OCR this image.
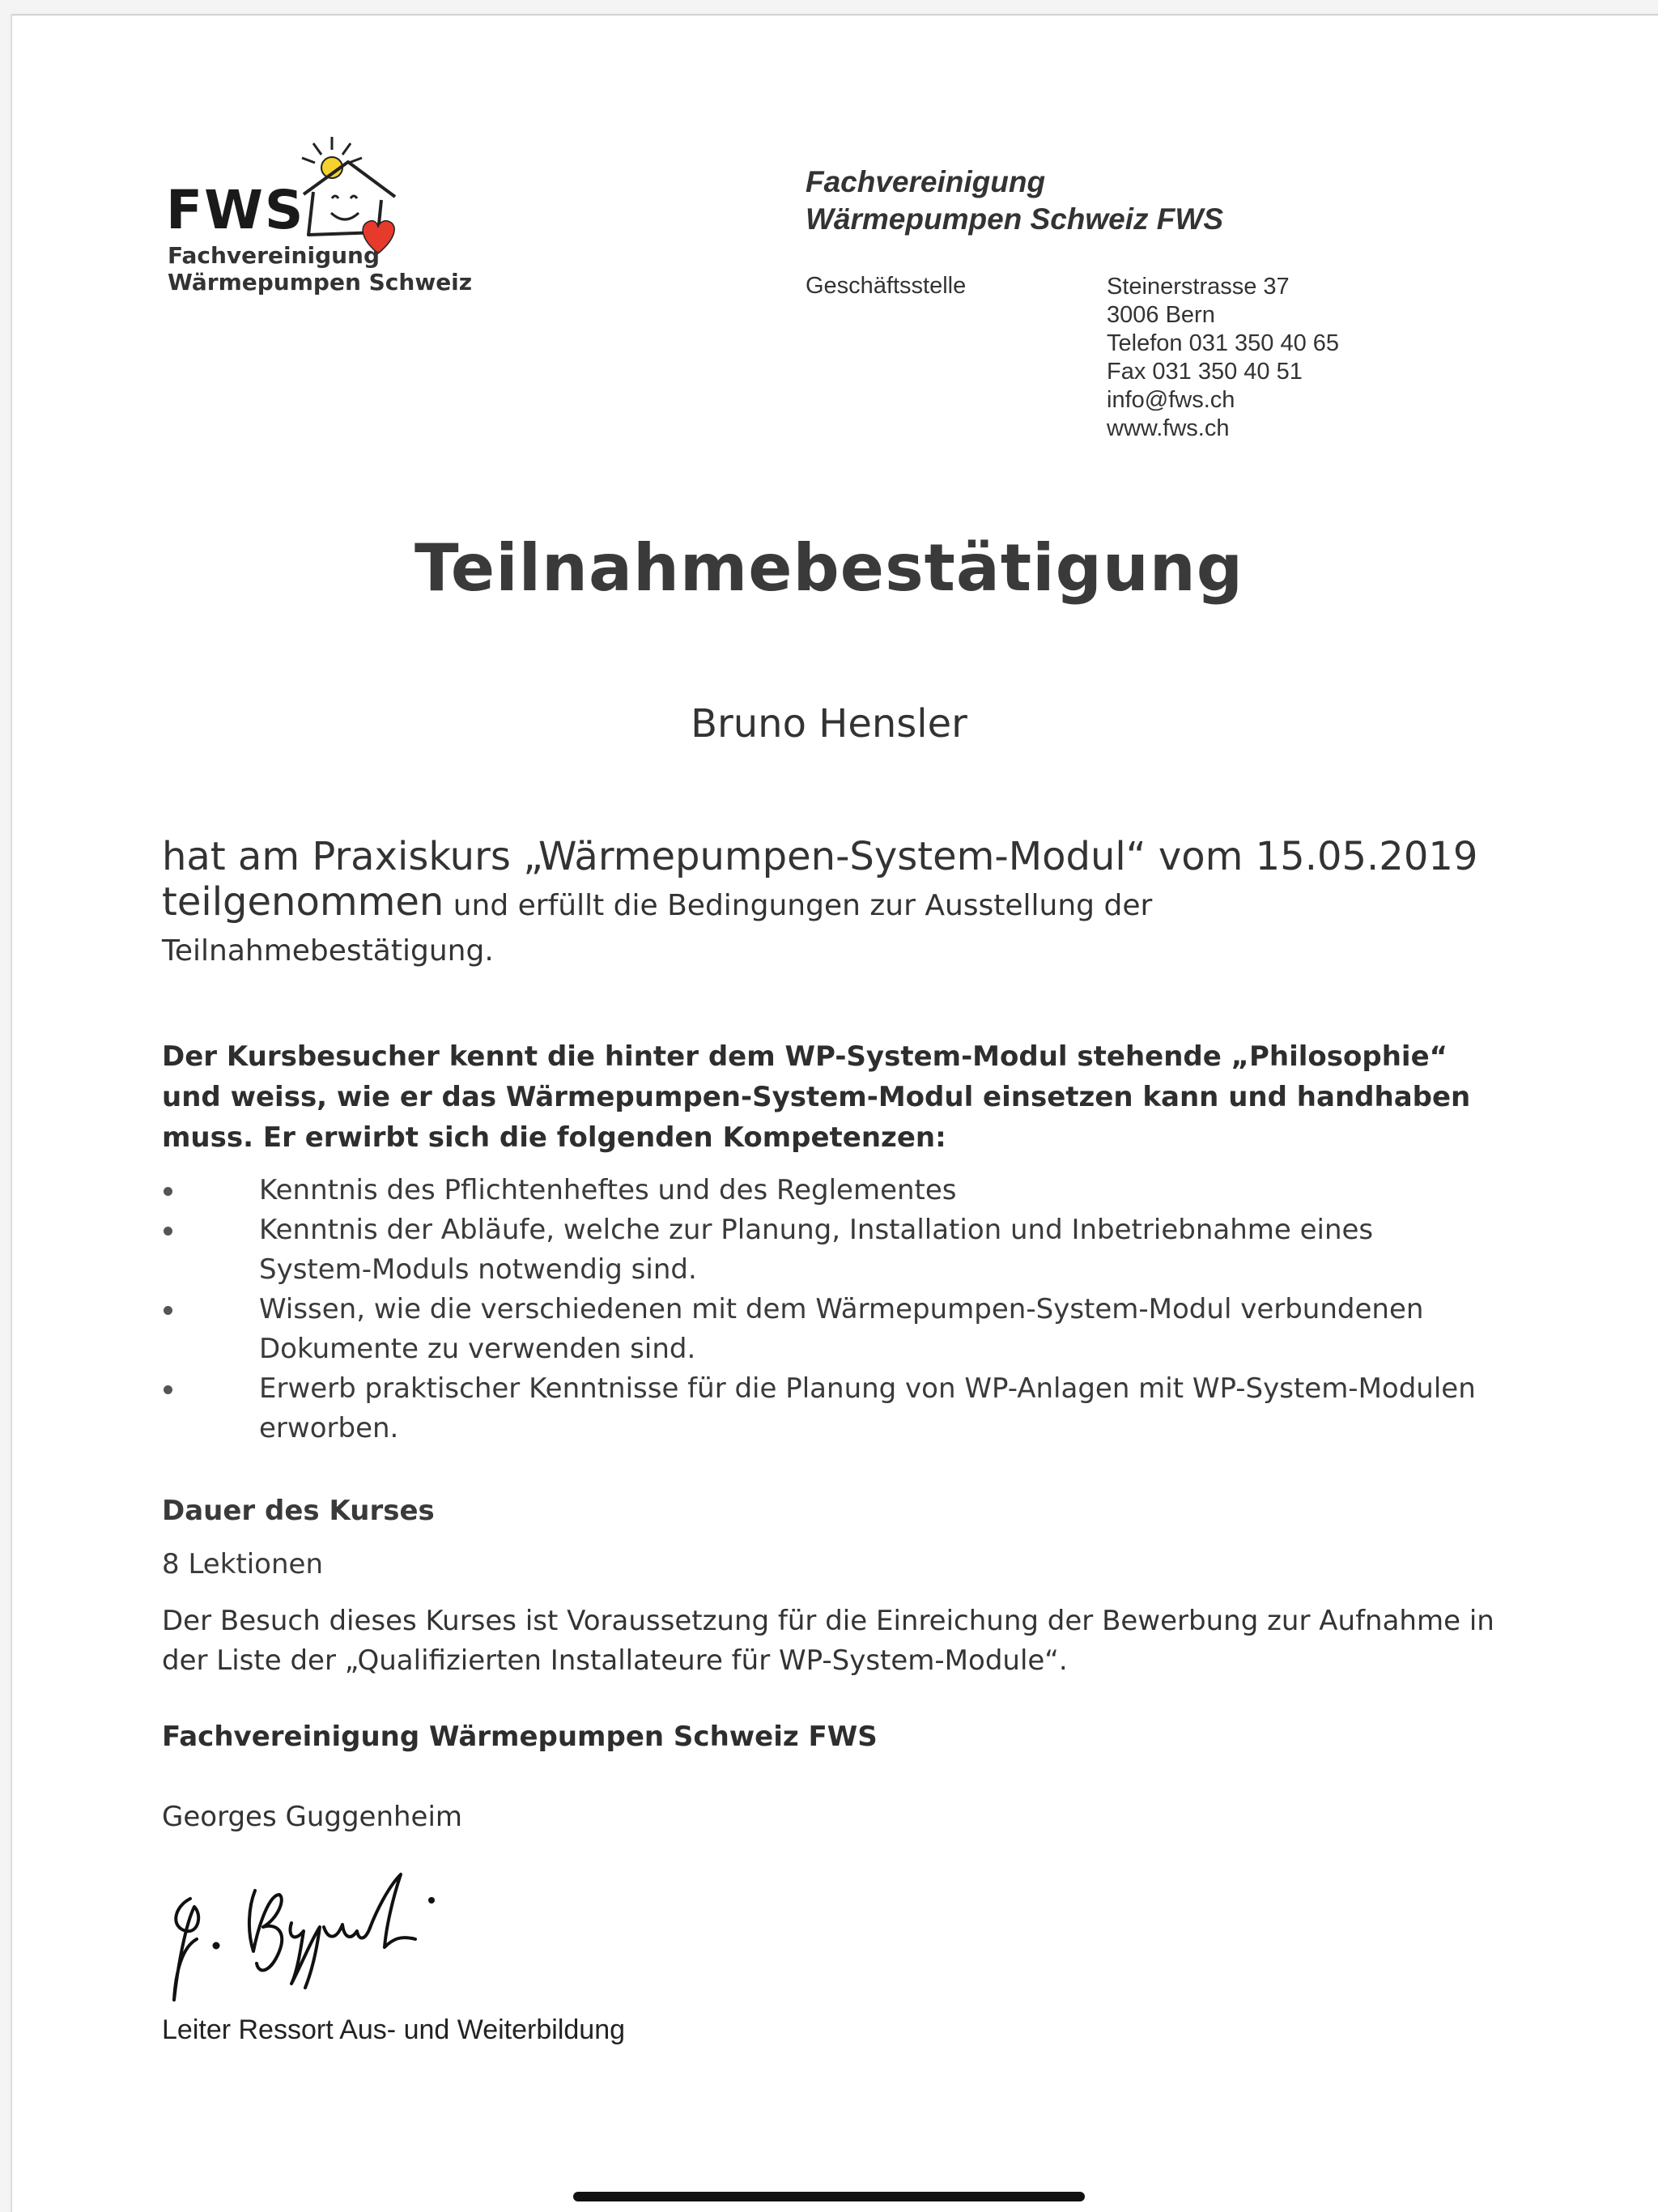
FWS
Fachvereinigung
Wärmepumpen Schweiz
Fachvereinigung
Wärmepumpen Schweiz FWS
Geschäftsstelle	Steinerstrasse 37
3006 Bern
Telefon 031 350 40 65
Fax 031 350 40 51
info@fws.ch
www.fws.ch
Teilnahmebestätigung
Bruno Hensler
hat am Praxiskurs „Wärmepumpen-System-Modul“ vom 15.05.2019
teilgenommen und erfüllt die Bedingungen zur Ausstellung der
Teilnahmebestätigung.
Der Kursbesucher kennt die hinter dem WP-System-Modul stehende „Philosophie“ und weiss, wie er das Wärmepumpen-System-Modul einsetzen kann und handhaben muss. Er erwirbt sich die folgenden Kompetenzen:
Kenntnis des Pflichtenheftes und des Reglementes
Kenntnis der Abläufe, welche zur Planung, Installation und Inbetriebnahme eines System-Moduls notwendig sind.
Wissen, wie die verschiedenen mit dem Wärmepumpen-System-Modul verbundenen Dokumente zu verwenden sind.
Erwerb praktischer Kenntnisse für die Planung von WP-Anlagen mit WP-System-Modulen erworben.
Dauer des Kurses
8 Lektionen
Der Besuch dieses Kurses ist Voraussetzung für die Einreichung der Bewerbung zur Aufnahme in
der Liste der „Qualifizierten Installateure für WP-System-Module“.
Fachvereinigung Wärmepumpen Schweiz FWS
Georges Guggenheim
Leiter Ressort Aus- und Weiterbildung
